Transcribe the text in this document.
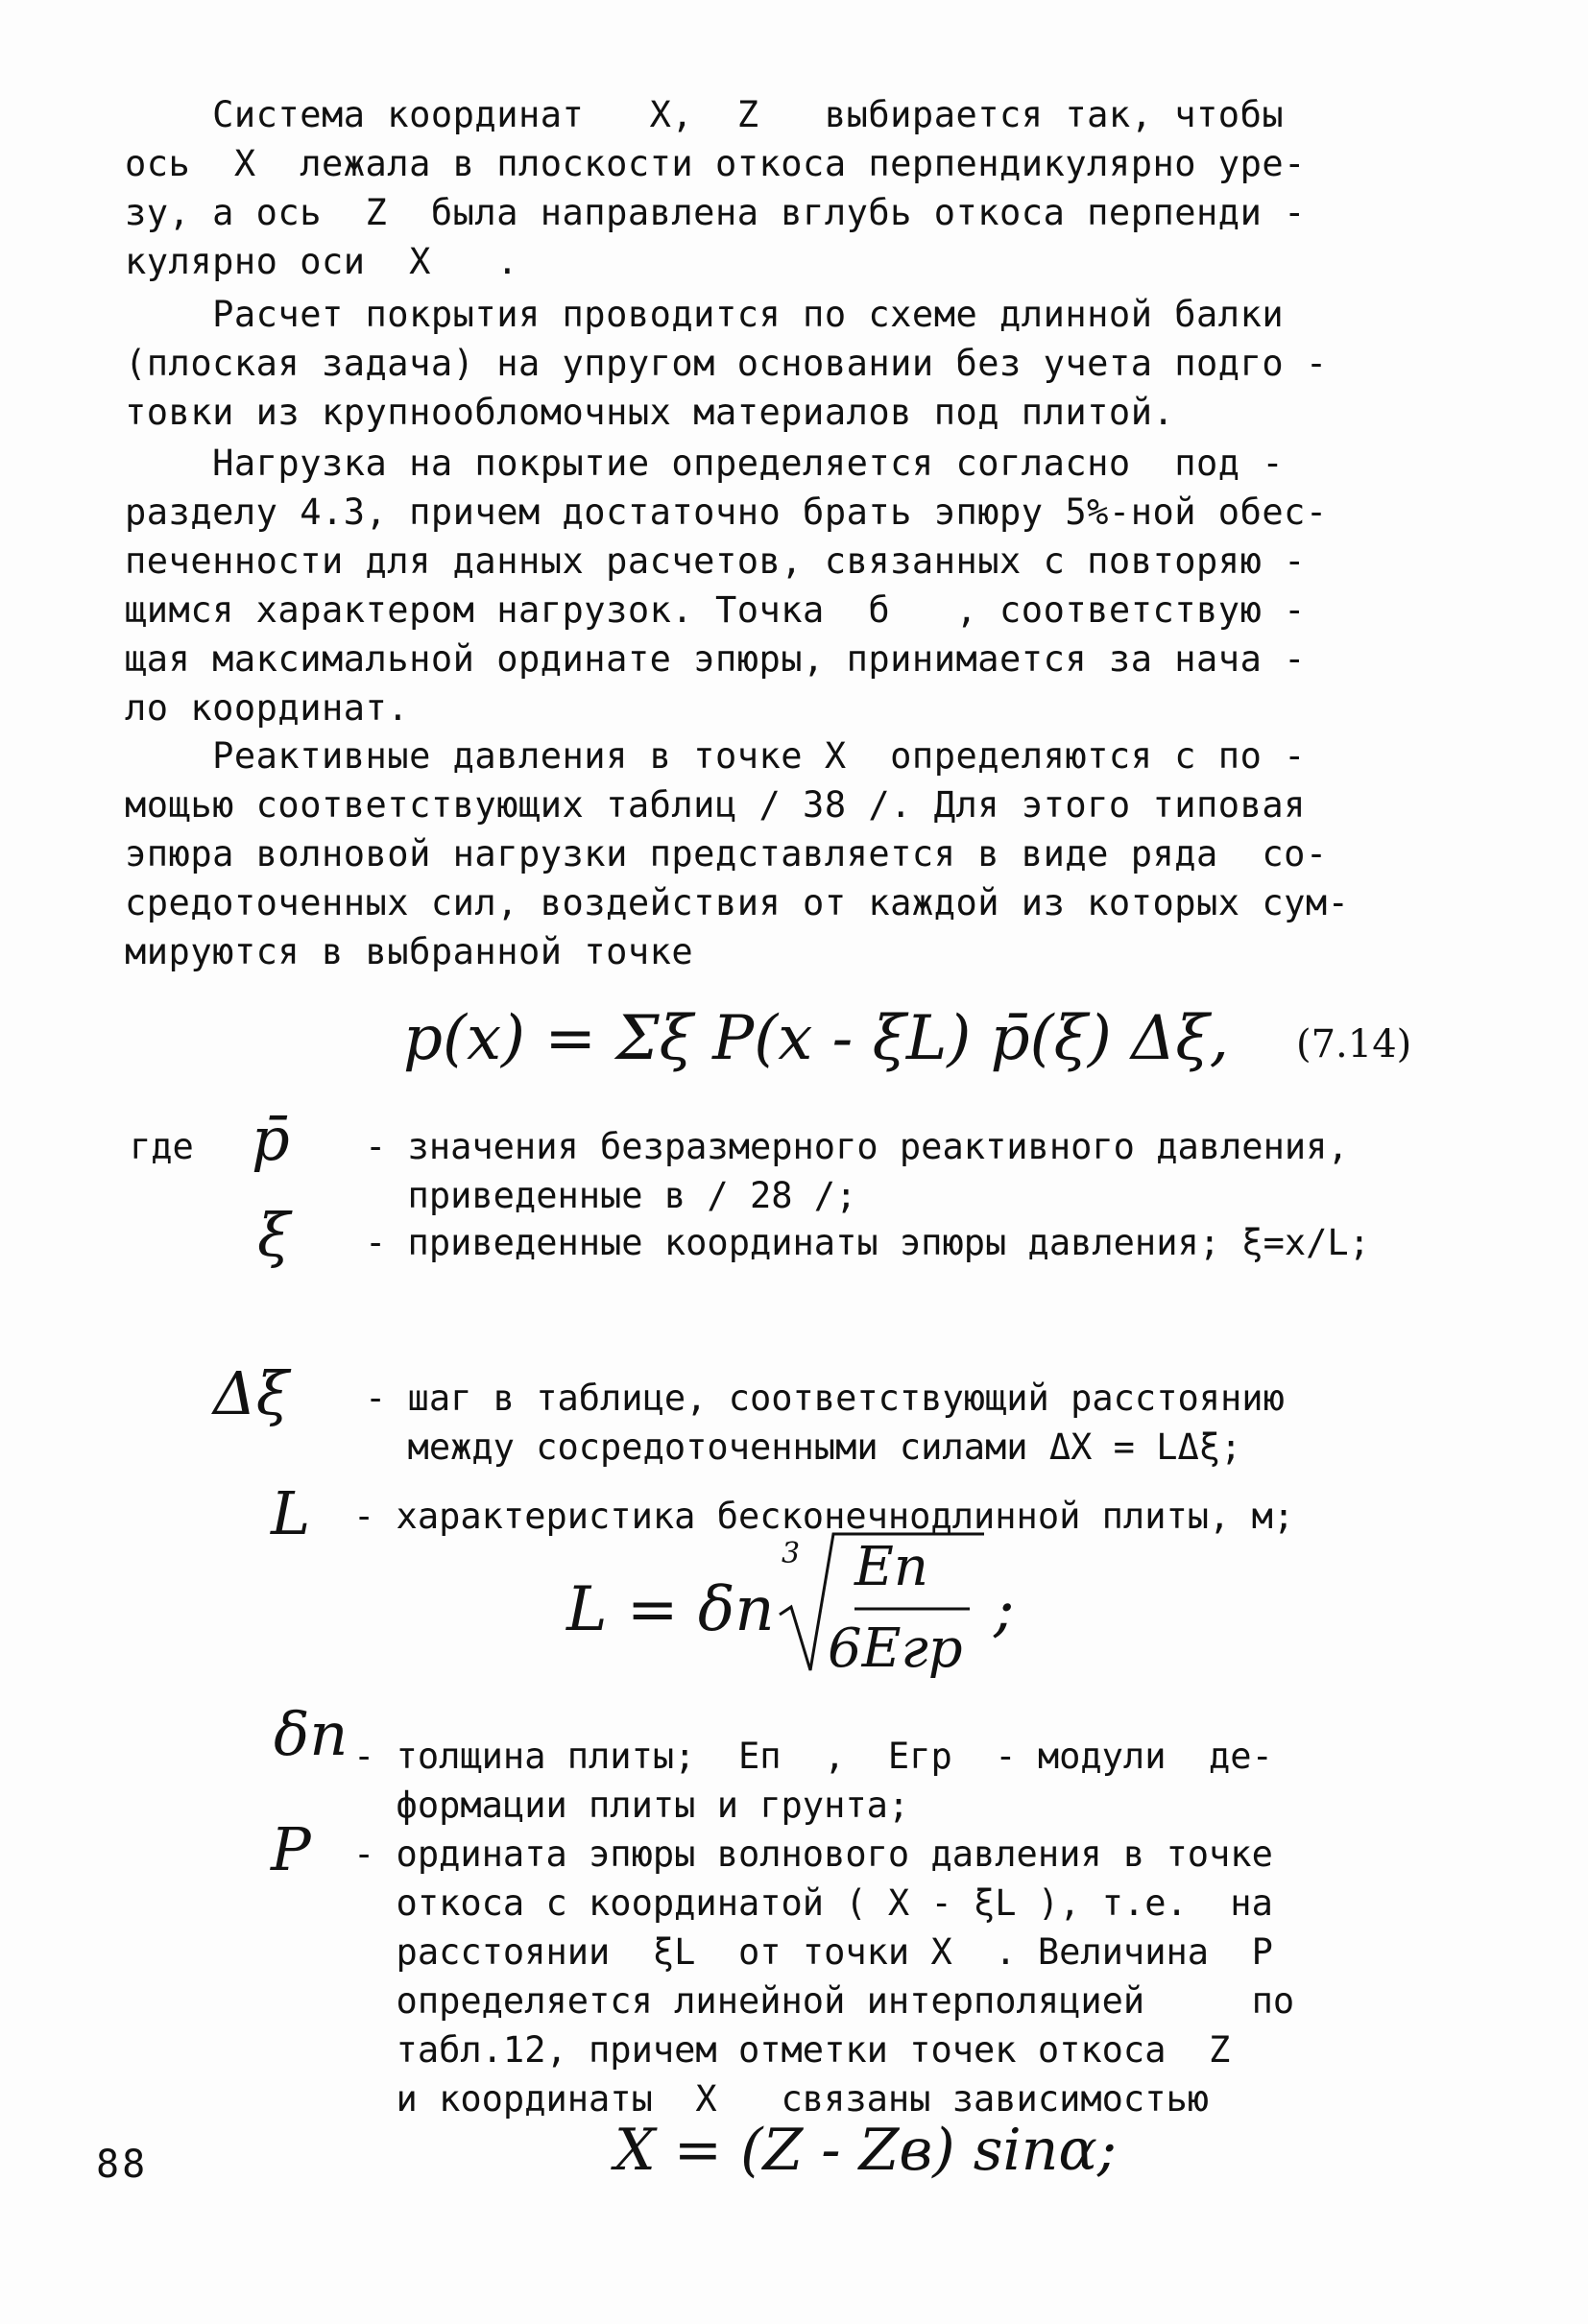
Система координат   Х,  Z   выбирается так, чтобы
ось  Х  лежала в плоскости откоса перпендикулярно уре-
зу, а ось  Z  была направлена вглубь откоса перпенди -
кулярно оси  Х   .
Расчет покрытия проводится по схеме длинной балки
(плоская задача) на упругом основании без учета подго -
товки из крупнообломочных материалов под плитой.
Нагрузка на покрытие определяется согласно  под -
разделу 4.3, причем достаточно брать эпюру 5%-ной обес-
печенности для данных расчетов, связанных с повторяю -
щимся характером нагрузок. Точка  б   , соответствую -
щая максимальной ординате эпюры, принимается за нача -
ло координат.
Реактивные давления в точке Х  определяются с по -
мощью соответствующих таблиц / 38 /. Для этого типовая
эпюра волновой нагрузки представляется в виде ряда  со-
средоточенных сил, воздействия от каждой из которых сум-
мируются в выбранной точке
p(x) = Σξ P(x - ξL) p̄(ξ) Δξ, (7.14)
где p̄ - значения безразмерного реактивного давления,
приведенные в / 28 /;
ξ - приведенные координаты эпюры давления; ξ=x/L;
Δξ - шаг в таблице, соответствующий расстоянию
между сосредоточенными силами ΔX = LΔξ;
L - характеристика бесконечнодлинной плиты, м;
L = δп
3 Eп
6Eгр
;
δп - толщина плиты;  Eп  ,  Eгр  - модули  де-
формации плиты и грунта;
P - ордината эпюры волнового давления в точке
откоса с координатой ( X - ξL ), т.е.  на
расстоянии  ξL  от точки X  . Величина  P
определяется линейной интерполяцией     по
табл.12, причем отметки точек откоса  Z
и координаты  X   связаны зависимостью
X = (Z - Zв) sinα;
88
